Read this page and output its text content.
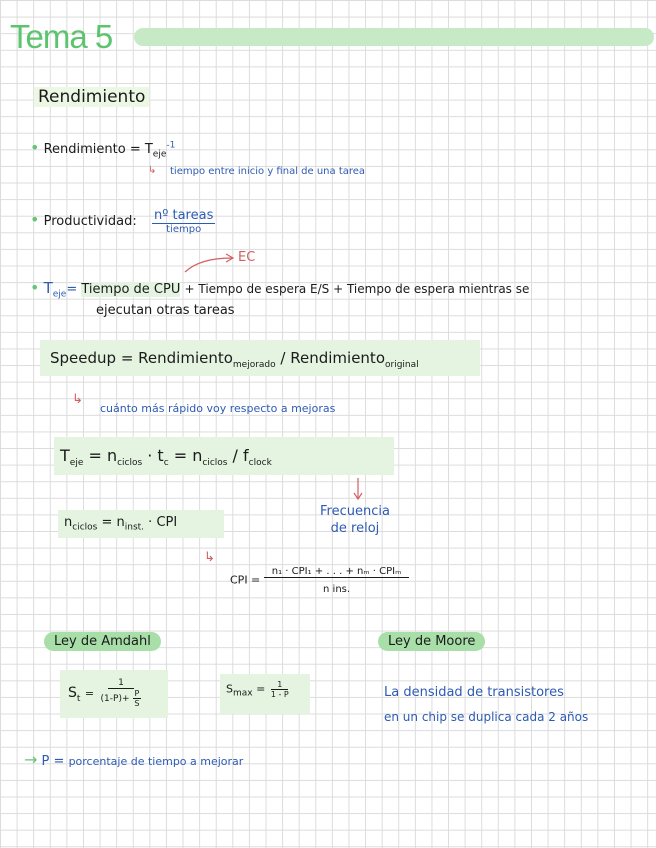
Tema 5
Rendimiento
• Rendimiento = $T_{eje}^{-1}$
↳ tiempo entre inicio y final de una tarea
• Productividad: $\frac{\text{nº tareas}}{\text{tiempo}}$
EC
• $T_{eje}=$ Tiempo de CPU + Tiempo de espera E/S + Tiempo de espera mientras se
ejecutan otras tareas
Speedup = Rendimiento$_{mejorado}$ / Rendimiento$_{original}$
↳
cuánto más rápido voy respecto a mejoras
$T_{eje} = n_{ciclos} \cdot t_c = n_{ciclos} / f_{clock}$
Frecuencia
de reloj
$n_{ciclos} = n_{inst.}$ · CPI
↳
CPI = $\frac{\text{n₁ · CPI₁ + . . . + nₘ · CPIₘ}}{\text{n ins.}}$
Ley de Amdahl
$S_t = \frac{1}{(1-P)+ \frac{P}{S}}$	$S_{max} = \frac{1}{1 - P}$
Ley de Moore
La densidad de transistores
en un chip se duplica cada 2 años
→ P = porcentaje de tiempo a mejorar
